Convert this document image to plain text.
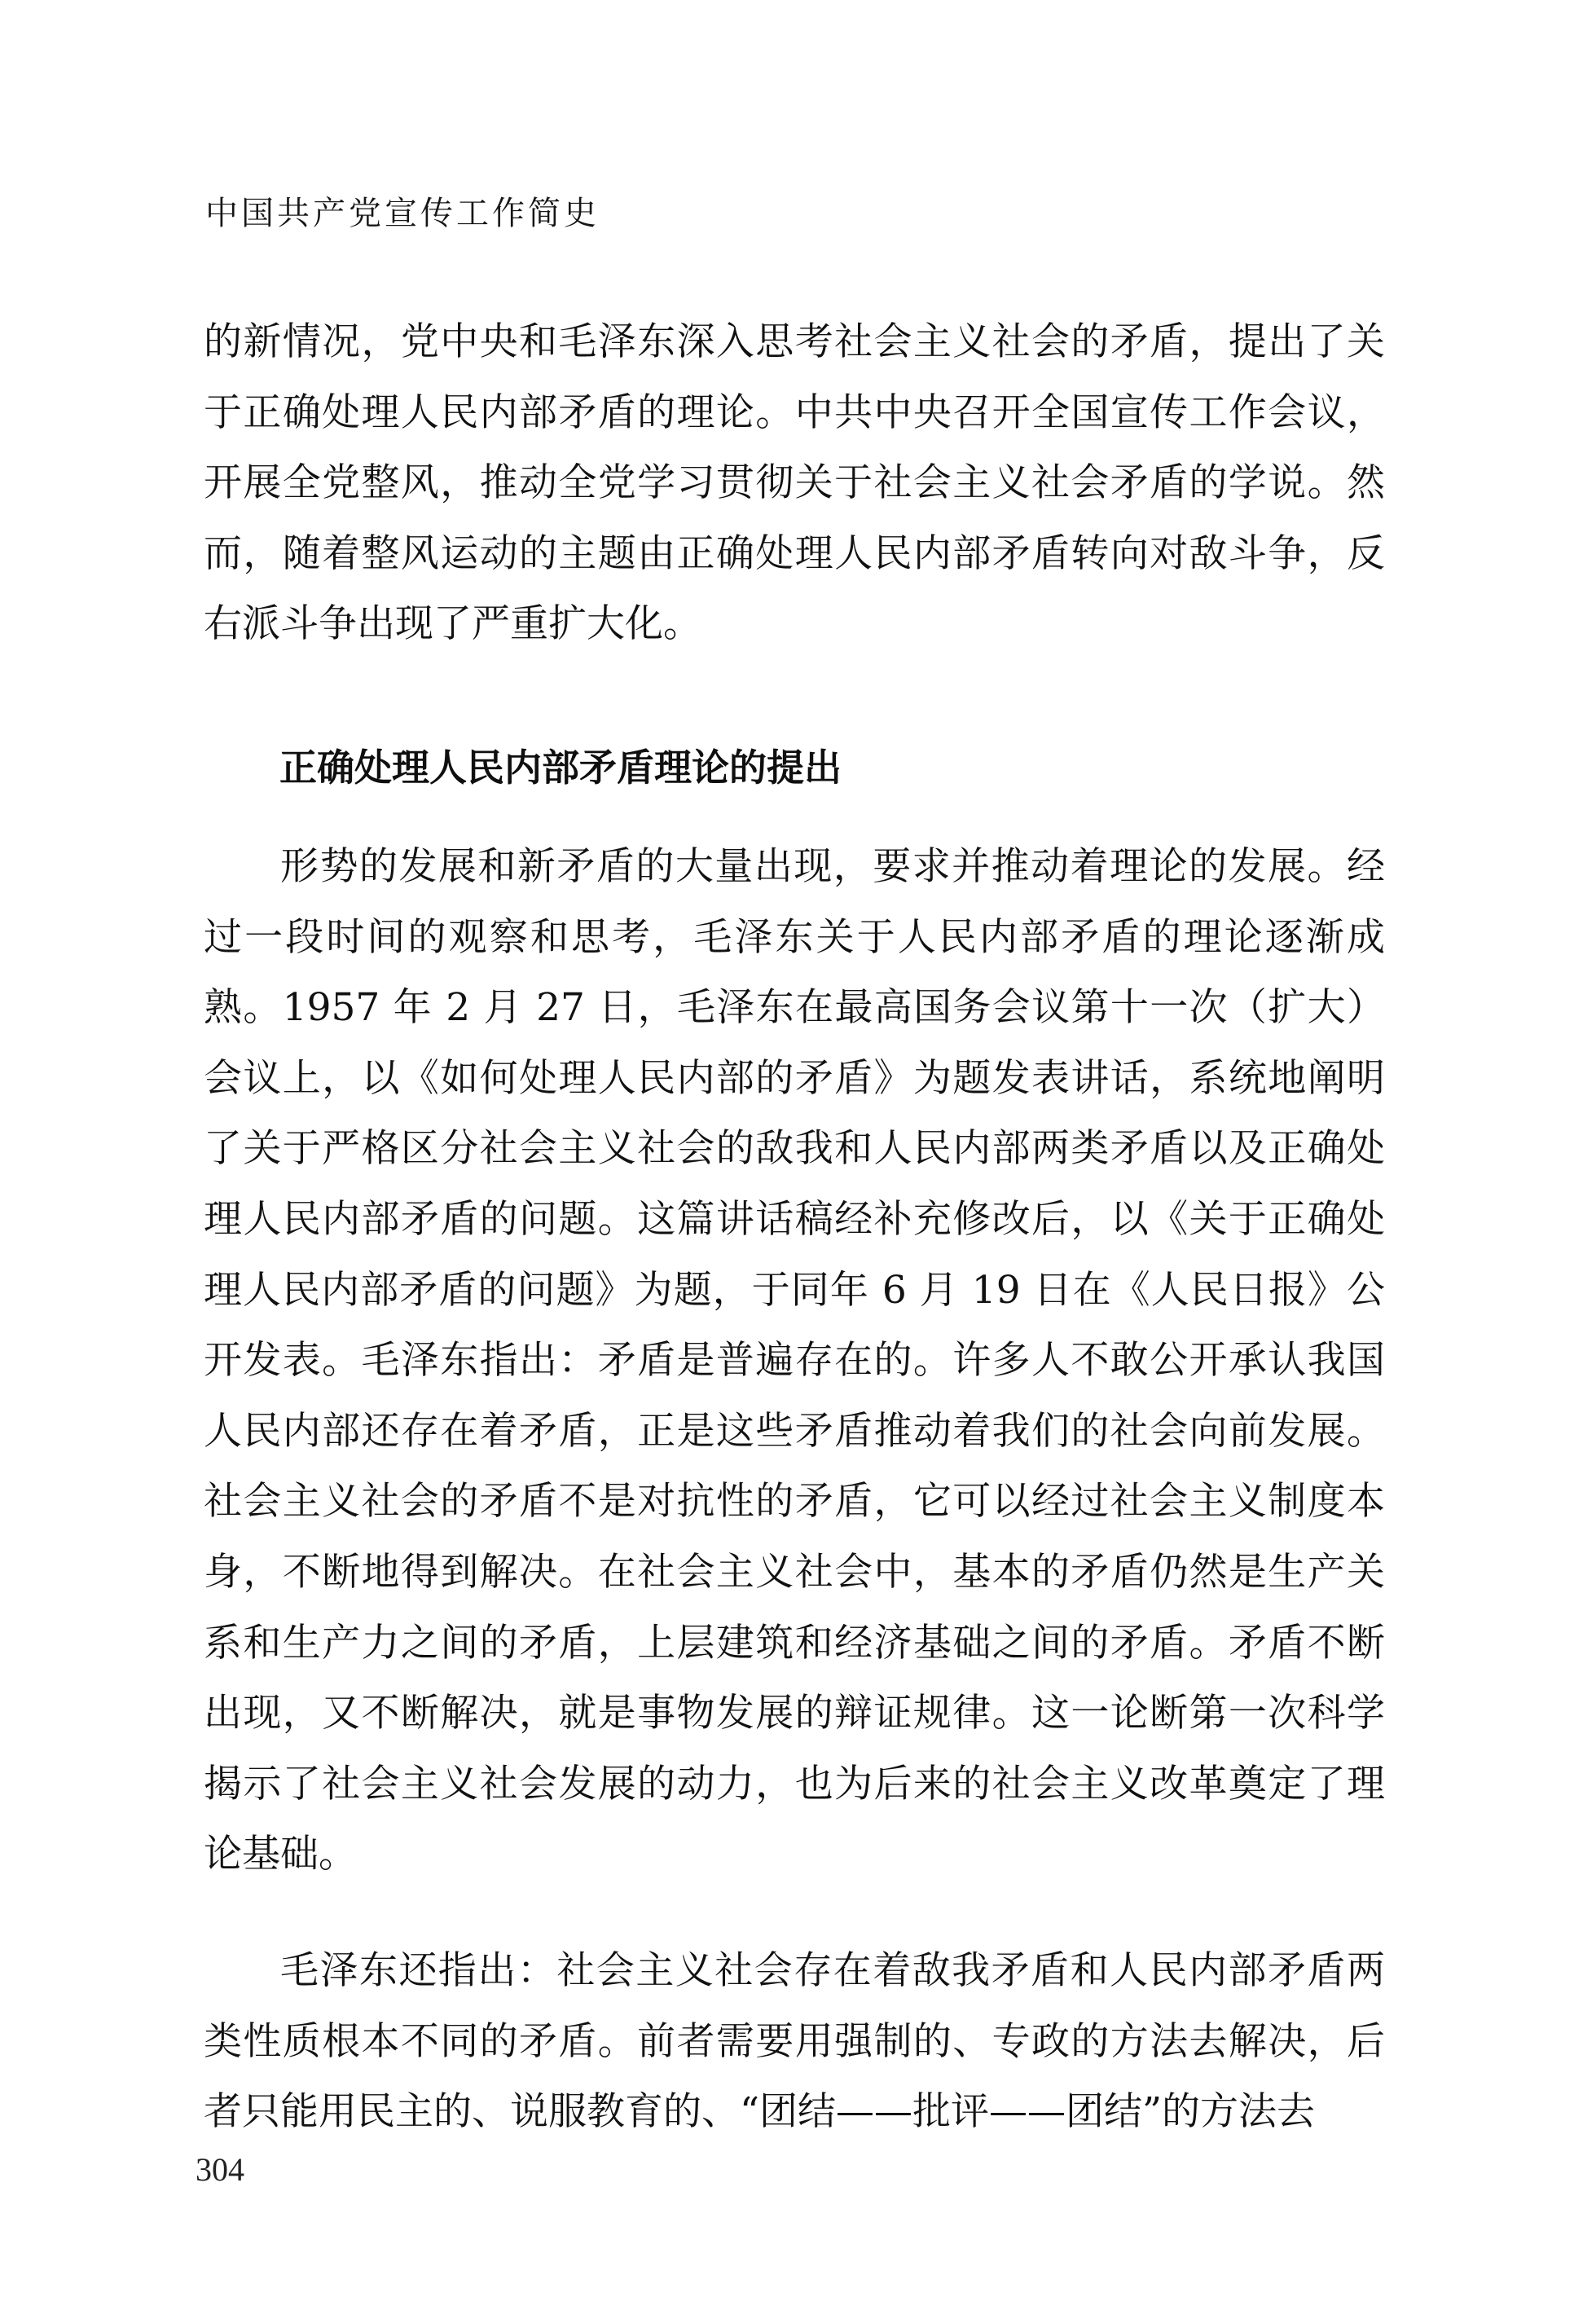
中国共产党宣传工作简史

的新情况，党中央和毛泽东深入思考社会主义社会的矛盾，提出了关于正确处理人民内部矛盾的理论。中共中央召开全国宣传工作会议，开展全党整风，推动全党学习贯彻关于社会主义社会矛盾的学说。然而，随着整风运动的主题由正确处理人民内部矛盾转向对敌斗争，反右派斗争出现了严重扩大化。

正确处理人民内部矛盾理论的提出

形势的发展和新矛盾的大量出现，要求并推动着理论的发展。经过一段时间的观察和思考，毛泽东关于人民内部矛盾的理论逐渐成熟。1957 年 2 月 27 日，毛泽东在最高国务会议第十一次（扩大）会议上，以《如何处理人民内部的矛盾》为题发表讲话，系统地阐明了关于严格区分社会主义社会的敌我和人民内部两类矛盾以及正确处理人民内部矛盾的问题。这篇讲话稿经补充修改后，以《关于正确处理人民内部矛盾的问题》为题，于同年 6 月 19 日在《人民日报》公开发表。毛泽东指出：矛盾是普遍存在的。许多人不敢公开承认我国人民内部还存在着矛盾，正是这些矛盾推动着我们的社会向前发展。社会主义社会的矛盾不是对抗性的矛盾，它可以经过社会主义制度本身，不断地得到解决。在社会主义社会中，基本的矛盾仍然是生产关系和生产力之间的矛盾，上层建筑和经济基础之间的矛盾。矛盾不断出现，又不断解决，就是事物发展的辩证规律。这一论断第一次科学揭示了社会主义社会发展的动力，也为后来的社会主义改革奠定了理论基础。

毛泽东还指出：社会主义社会存在着敌我矛盾和人民内部矛盾两类性质根本不同的矛盾。前者需要用强制的、专政的方法去解决，后者只能用民主的、说服教育的、“团结——批评——团结”的方法去

304
